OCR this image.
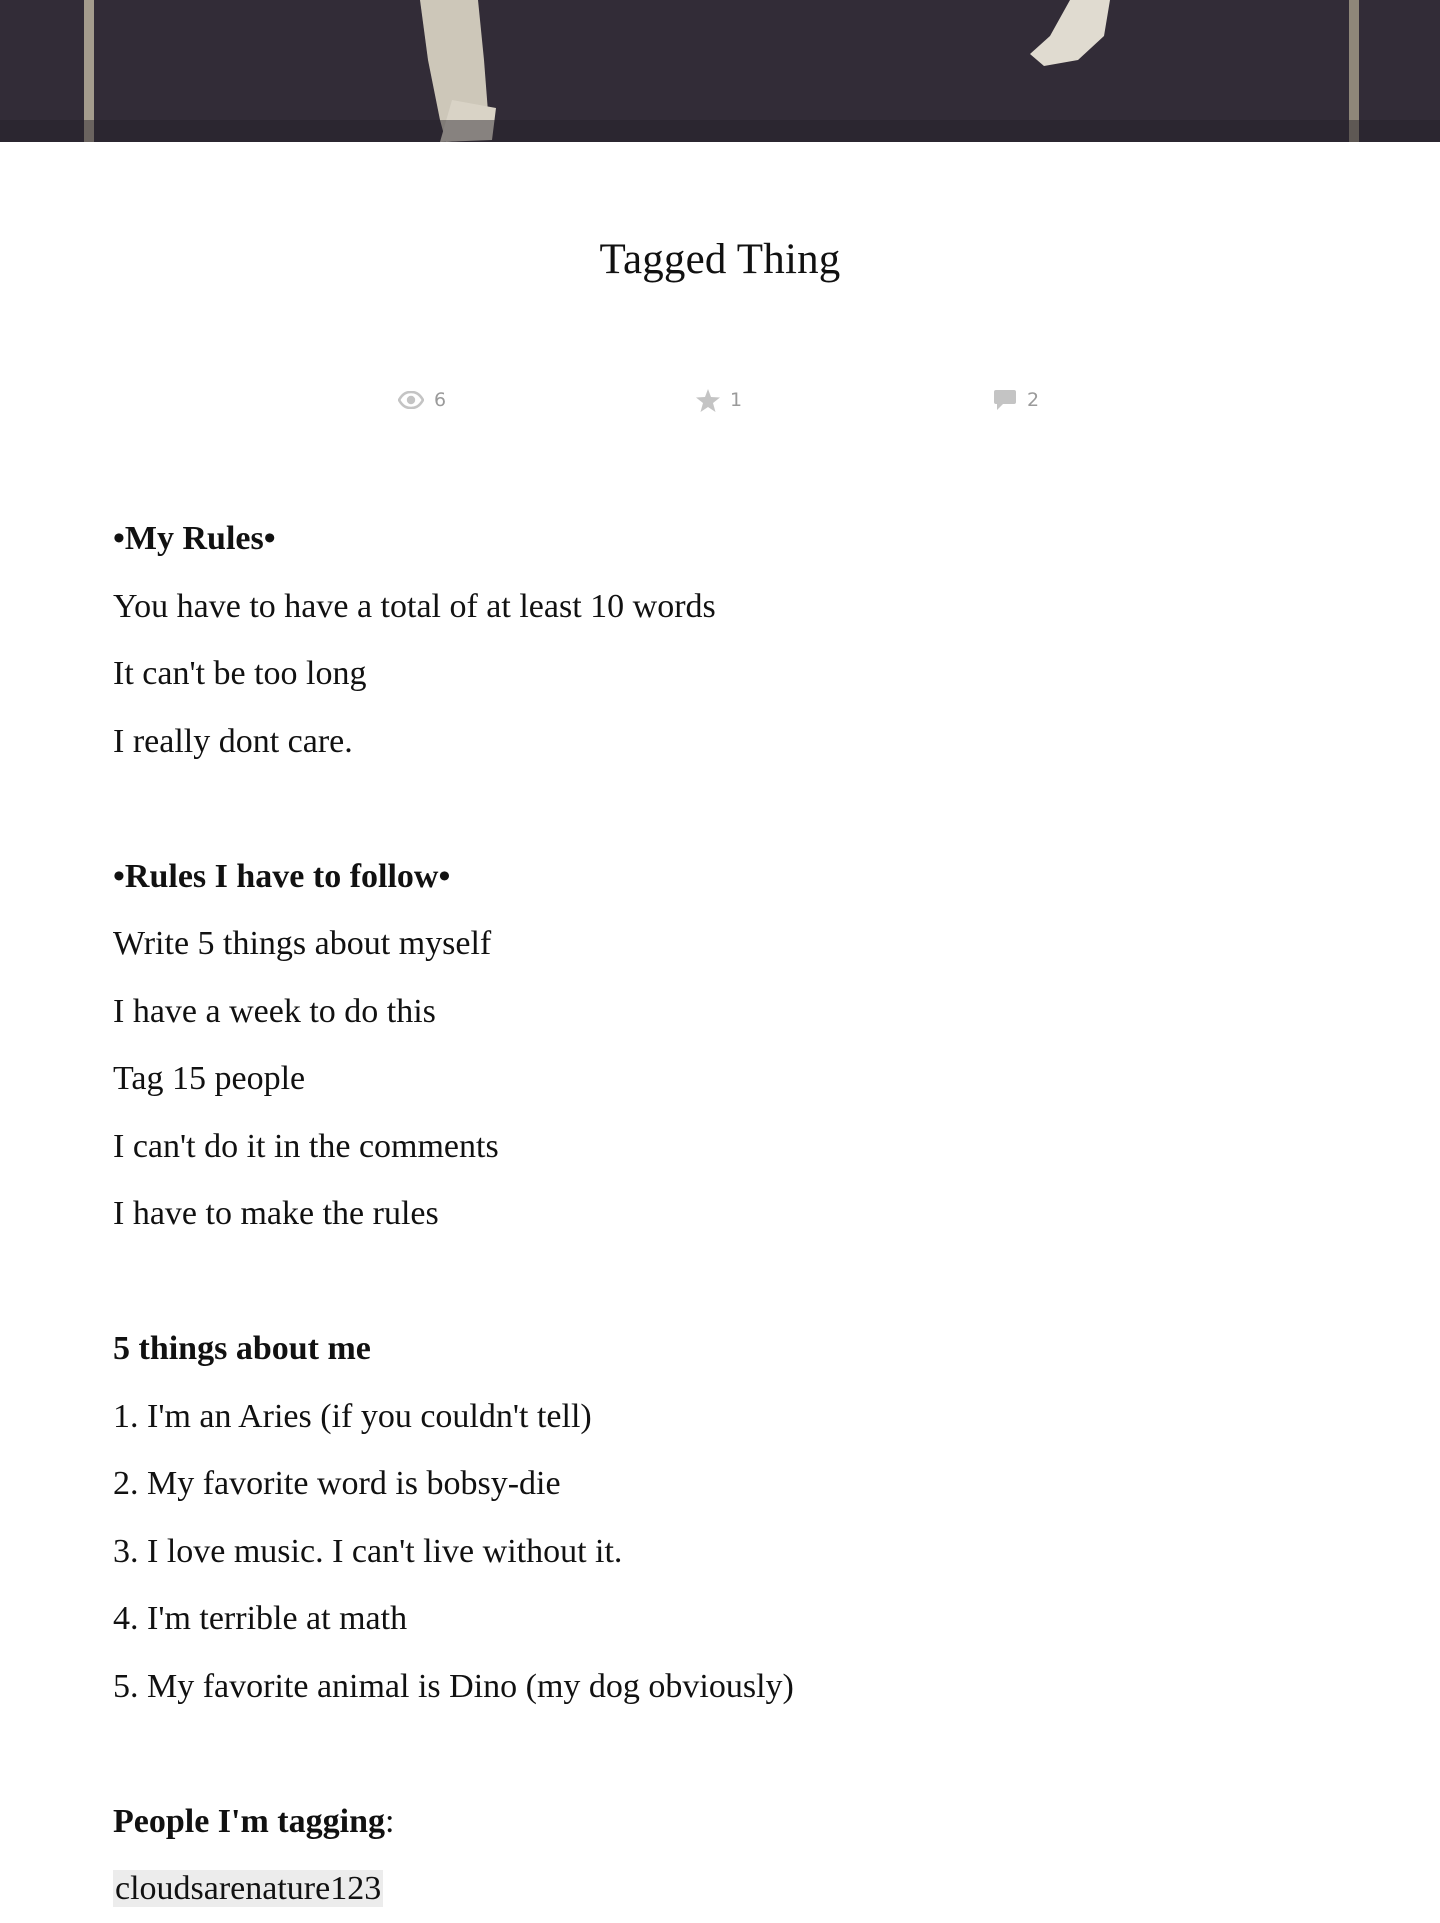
Tagged Thing
6	1	2

•My Rules•

You have to have a total of at least 10 words

It can't be too long

I really dont care.

•Rules I have to follow•

Write 5 things about myself

I have a week to do this

Tag 15 people

I can't do it in the comments

I have to make the rules

5 things about me

1. I'm an Aries (if you couldn't tell)

2. My favorite word is bobsy-die

3. I love music. I can't live without it.

4. I'm terrible at math

5. My favorite animal is Dino (my dog obviously)

People I'm tagging:

cloudsarenature123
